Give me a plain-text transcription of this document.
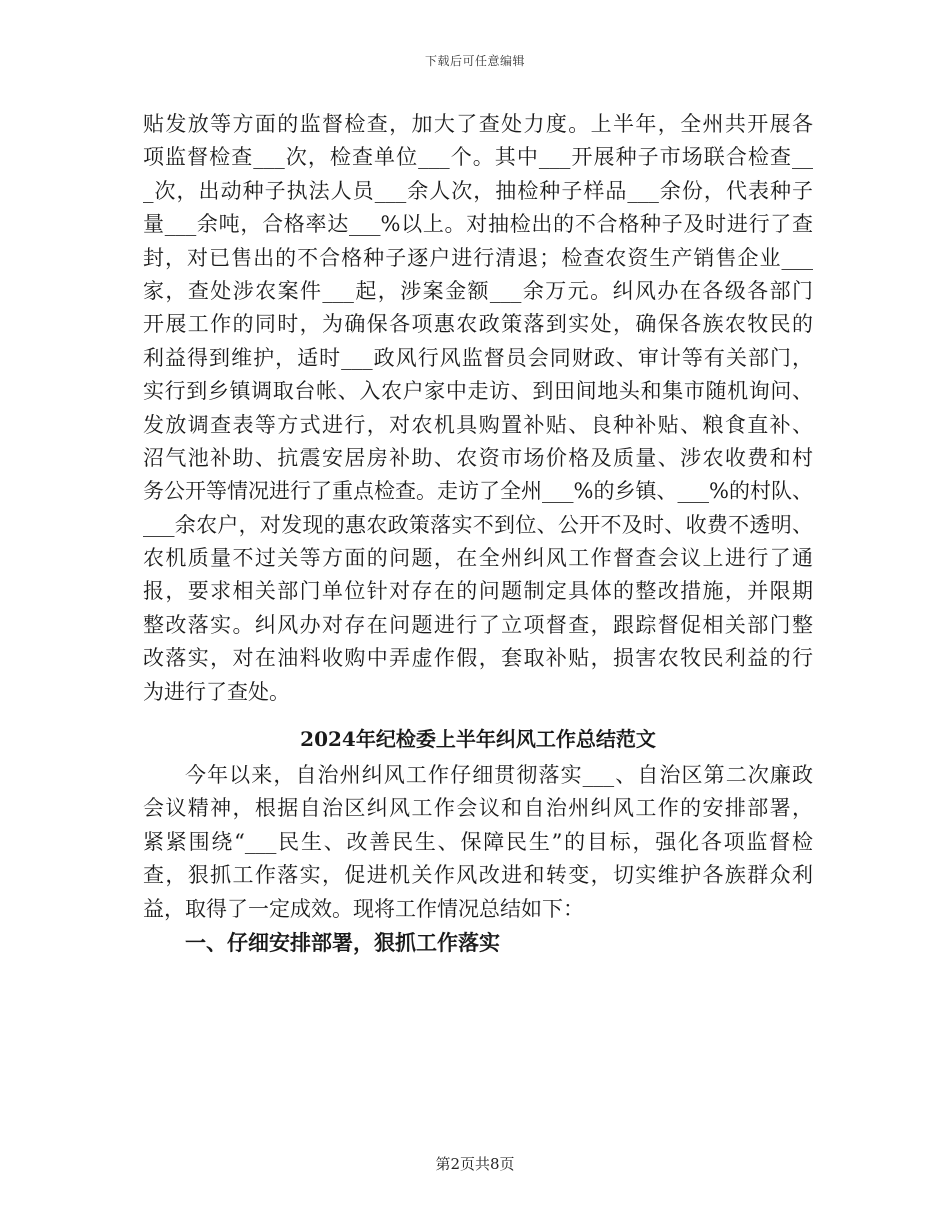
下载后可任意编辑
贴发放等方面的监督检查，加大了查处力度。上半年，全州共开展各
项监督检查___次，检查单位___个。其中___开展种子市场联合检查__
_次，出动种子执法人员___余人次，抽检种子样品___余份，代表种子
量___余吨，合格率达___%以上。对抽检出的不合格种子及时进行了查
封，对已售出的不合格种子逐户进行清退；检查农资生产销售企业___
家，查处涉农案件___起，涉案金额___余万元。纠风办在各级各部门
开展工作的同时，为确保各项惠农政策落到实处，确保各族农牧民的
利益得到维护，适时___政风行风监督员会同财政、审计等有关部门，
实行到乡镇调取台帐、入农户家中走访、到田间地头和集市随机询问、
发放调查表等方式进行，对农机具购置补贴、良种补贴、粮食直补、
沼气池补助、抗震安居房补助、农资市场价格及质量、涉农收费和村
务公开等情况进行了重点检查。走访了全州___%的乡镇、___%的村队、
___余农户，对发现的惠农政策落实不到位、公开不及时、收费不透明、
农机质量不过关等方面的问题，在全州纠风工作督查会议上进行了通
报，要求相关部门单位针对存在的问题制定具体的整改措施，并限期
整改落实。纠风办对存在问题进行了立项督查，跟踪督促相关部门整
改落实，对在油料收购中弄虚作假，套取补贴，损害农牧民利益的行
为进行了查处。
2024年纪检委上半年纠风工作总结范文
今年以来，自治州纠风工作仔细贯彻落实___、自治区第二次廉政
会议精神，根据自治区纠风工作会议和自治州纠风工作的安排部署，
紧紧围绕“___民生、改善民生、保障民生”的目标，强化各项监督检
查，狠抓工作落实，促进机关作风改进和转变，切实维护各族群众利
益，取得了一定成效。现将工作情况总结如下：
一、仔细安排部署，狠抓工作落实
第2页共8页
